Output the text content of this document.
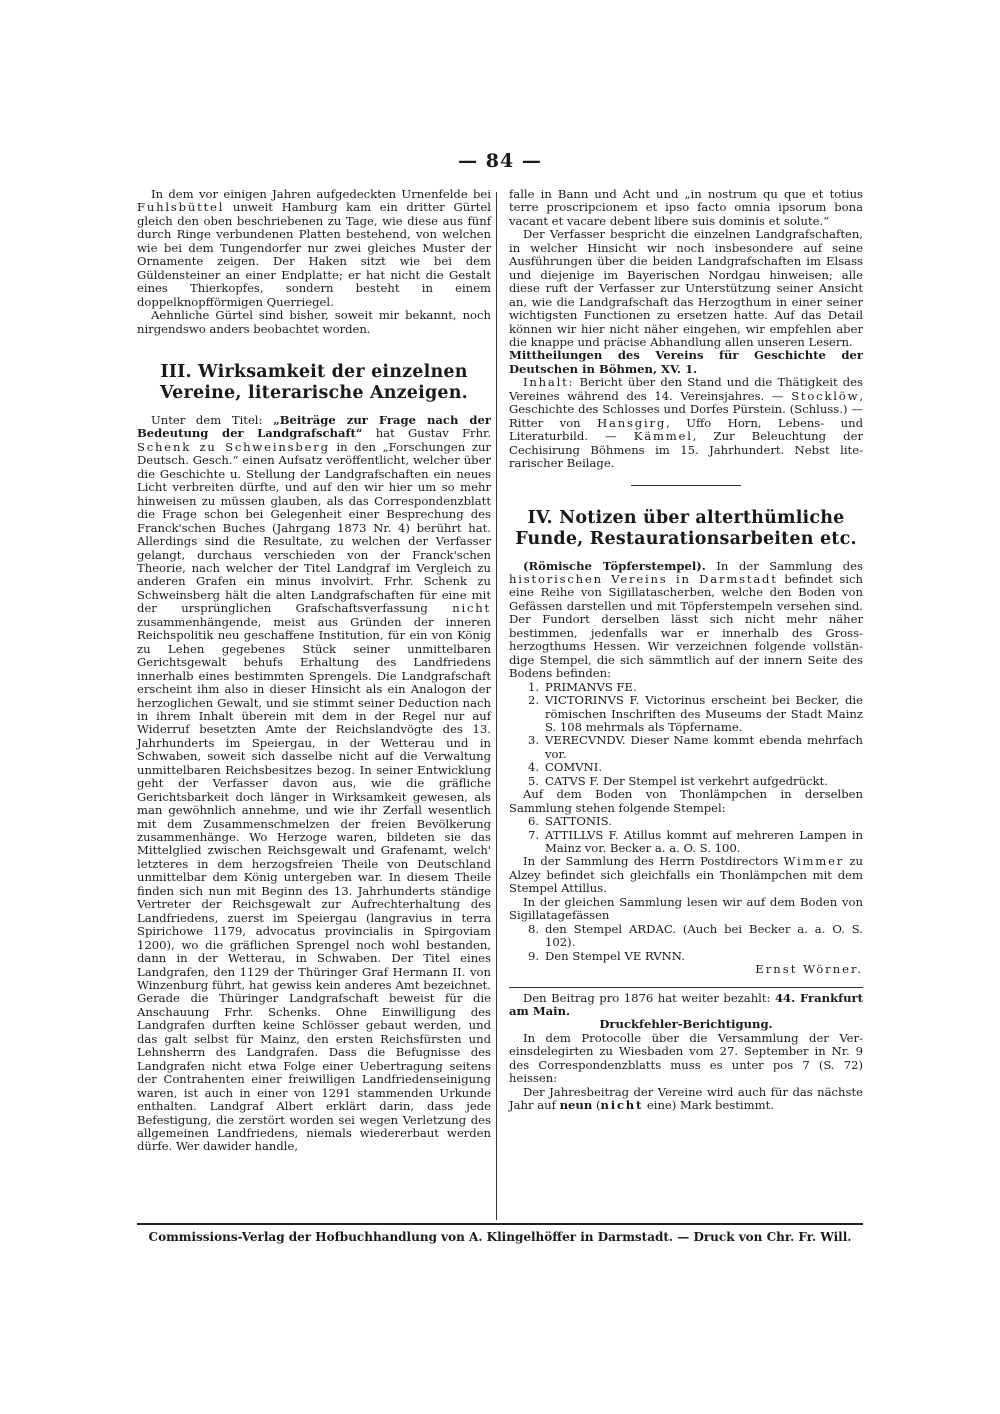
— 84 —

In dem vor einigen Jahren aufgedeckten Urnenfelde bei Fuhlsbüttel unweit Hamburg kam ein dritter Gürtel gleich den oben beschriebenen zu Tage, wie diese aus fünf durch Ringe verbundenen Platten bestehend, von welchen wie bei dem Tungendorfer nur zwei gleiches Muster der Ornamente zeigen. Der Haken sitzt wie bei dem Güldensteiner an einer Endplatte; er hat nicht die Gestalt eines Thierkopfes, sondern besteht in einem doppelknopfförmigen Querriegel.

Aehnliche Gürtel sind bisher, soweit mir bekannt, noch nirgendswo anders beobachtet worden.

III. Wirksamkeit der einzelnen Vereine, literarische Anzeigen.

Unter dem Titel: „Beiträge zur Frage nach der Bedeutung der Landgrafschaft“ hat Gustav Frhr. Schenk zu Schweinsberg in den „Forschungen zur Deutsch. Gesch.“ einen Aufsatz veröffentlicht, welcher über die Geschichte u. Stellung der Landgrafschaften ein neues Licht verbreiten dürfte, und auf den wir hier um so mehr hinweisen zu müssen glauben, als das Correspondenzblatt die Frage schon bei Gelegenheit einer Besprechung des Franck'schen Buches (Jahrgang 1873 Nr. 4) berührt hat. Allerdings sind die Resultate, zu welchen der Verfasser gelangt, durchaus verschieden von der Franck'schen Theorie, nach welcher der Titel Landgraf im Vergleich zu anderen Grafen ein minus involvirt. Frhr. Schenk zu Schweinsberg hält die alten Landgrafschaften für eine mit der ursprünglichen Grafschaftsverfassung nicht zusammenhängende, meist aus Gründen der inneren Reichspolitik neu geschaffene Institution, für ein von König zu Lehen gegebenes Stück seiner unmittelbaren Gerichtsgewalt behufs Erhaltung des Landfriedens innerhalb eines bestimmten Sprengels. Die Landgrafschaft erscheint ihm also in dieser Hinsicht als ein Analogon der herzoglichen Gewalt, und sie stimmt seiner Deduction nach in ihrem Inhalt überein mit dem in der Regel nur auf Widerruf besetzten Amte der Reichslandvögte des 13. Jahrhunderts im Speiergau, in der Wetterau und in Schwaben, soweit sich dasselbe nicht auf die Verwaltung unmittelbaren Reichsbesitzes bezog. In seiner Entwicklung geht der Verfasser davon aus, wie die gräfliche Gerichtsbarkeit doch länger in Wirksamkeit gewesen, als man gewöhnlich annehme, und wie ihr Zerfall wesentlich mit dem Zusammenschmelzen der freien Bevölkerung zusammenhänge. Wo Herzoge waren, bildeten sie das Mittelglied zwischen Reichsgewalt und Grafenamt, welch' letzteres in dem herzogsfreien Theile von Deutschland unmittelbar dem König untergeben war. In diesem Theile finden sich nun mit Beginn des 13. Jahrhunderts ständige Vertreter der Reichsgewalt zur Aufrechterhaltung des Landfriedens, zuerst im Speiergau (langravius in terra Spirichowe 1179, advocatus provincialis in Spirgoviam 1200), wo die gräflichen Sprengel noch wohl bestanden, dann in der Wetterau, in Schwaben. Der Titel eines Landgrafen, den 1129 der Thüringer Graf Hermann II. von Winzenburg führt, hat gewiss kein anderes Amt bezeichnet. Gerade die Thüringer Landgrafschaft beweist für die Anschauung Frhr. Schenks. Ohne Einwilligung des Landgrafen durften keine Schlösser gebaut werden, und das galt selbst für Mainz, den ersten Reichsfürsten und Lehnsherrn des Landgrafen. Dass die Befugnisse des Landgrafen nicht etwa Folge einer Uebertragung seitens der Contrahenten einer freiwilligen Landfriedenseinigung waren, ist auch in einer von 1291 stammenden Urkunde enthalten. Landgraf Albert erklärt darin, dass jede Befestigung, die zerstört worden sei wegen Verletzung des allgemeinen Landfriedens, niemals wiedererbaut werden dürfe. Wer dawider handle,

falle in Bann und Acht und „in nostrum qu que et totius terre proscripcionem et ipso facto omnia ipsorum bona vacant et vacare debent libere suis dominis et solute.“

Der Verfasser bespricht die einzelnen Landgrafschaften, in welcher Hinsicht wir noch insbesondere auf seine Ausführungen über die beiden Landgrafschaften im Elsass und diejenige im Bayerischen Nordgau hinweisen; alle diese ruft der Verfasser zur Unterstützung seiner Ansicht an, wie die Landgrafschaft das Herzogthum in einer seiner wichtigsten Functionen zu ersetzen hatte. Auf das Detail können wir hier nicht näher eingehen, wir empfehlen aber die knappe und präcise Abhandlung allen unseren Lesern.

Mittheilungen des Vereins für Geschichte der Deutschen in Böhmen, XV. 1.

Inhalt: Bericht über den Stand und die Thätigkeit des Vereines während des 14. Vereinsjahres. — Stocklöw, Geschichte des Schlosses und Dorfes Pürstein. (Schluss.) — Ritter von Hansgirg, Uffo Horn, Lebens- und Literaturbild. — Kämmel, Zur Beleuchtung der Cechisirung Böhmens im 15. Jahrhundert. Nebst literarischer Beilage.

IV. Notizen über alterthümliche Funde, Restaurationsarbeiten etc.

(Römische Töpferstempel). In der Sammlung des historischen Vereins in Darmstadt befindet sich eine Reihe von Sigillatascherben, welche den Boden von Gefässen darstellen und mit Töpferstempeln versehen sind. Der Fundort derselben lässt sich nicht mehr näher bestimmen, jedenfalls war er innerhalb des Grossherzogthums Hessen. Wir verzeichnen folgende vollständige Stempel, die sich sämmtlich auf der innern Seite des Bodens befinden:

1. PRIMANVS FE.
2. VICTORINVS F. Victorinus erscheint bei Becker, die römischen Inschriften des Museums der Stadt Mainz S. 108 mehrmals als Töpfername.
3. VERECVNDV. Dieser Name kommt ebenda mehrfach vor.
4. COMVNI.
5. CATVS F. Der Stempel ist verkehrt aufgedrückt.

Auf dem Boden von Thonlämpchen in derselben Sammlung stehen folgende Stempel:

6. SATTONIS.
7. ATTILLVS F. Atillus kommt auf mehreren Lampen in Mainz vor. Becker a. a. O. S. 100.

In der Sammlung des Herrn Postdirectors Wimmer zu Alzey befindet sich gleichfalls ein Thonlämpchen mit dem Stempel Attillus.

In der gleichen Sammlung lesen wir auf dem Boden von Sigillatagefässen

8. den Stempel ARDAC. (Auch bei Becker a. a. O. S. 102).
9. Den Stempel VE RVNN.

Ernst Wörner.

Den Beitrag pro 1876 hat weiter bezahlt: 44. Frankfurt am Main.

Druckfehler-Berichtigung.

In dem Protocolle über die Versammlung der Vereinsdelegirten zu Wiesbaden vom 27. September in Nr. 9 des Correspondenzblatts muss es unter pos 7 (S. 72) heissen:

Der Jahresbeitrag der Vereine wird auch für das nächste Jahr auf neun (nicht eine) Mark bestimmt.

Commissions-Verlag der Hofbuchhandlung von A. Klingelhöffer in Darmstadt. — Druck von Chr. Fr. Will.
